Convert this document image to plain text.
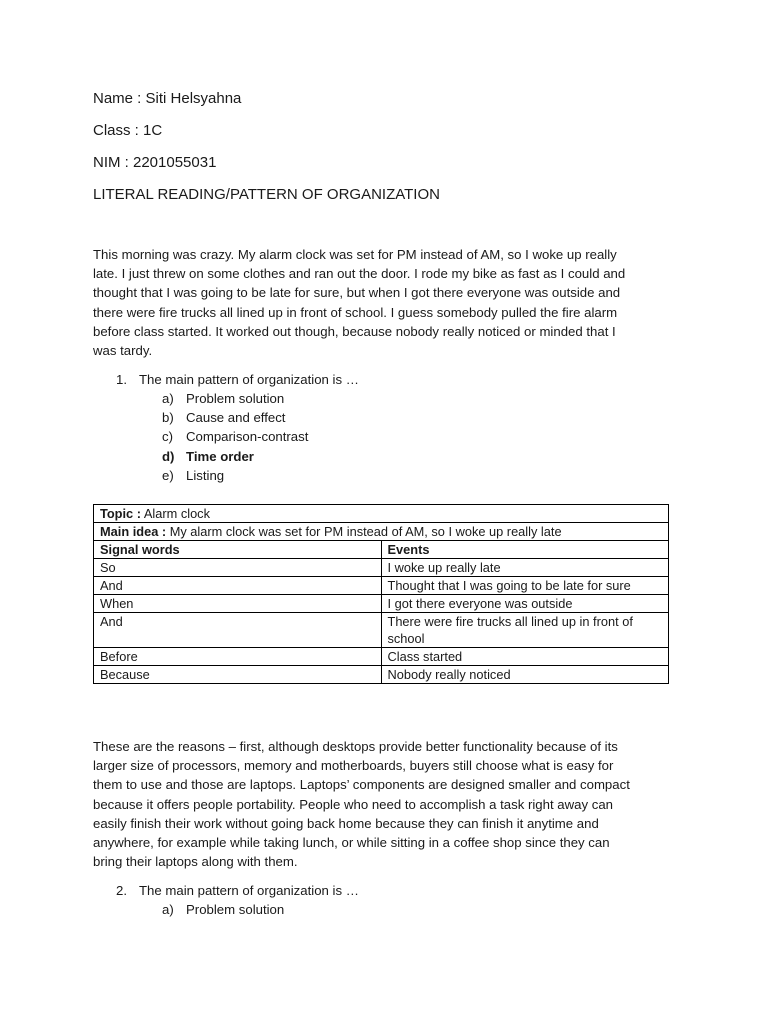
Name : Siti Helsyahna
Class : 1C
NIM : 2201055031
LITERAL READING/PATTERN OF ORGANIZATION
This morning was crazy. My alarm clock was set for PM instead of AM, so I woke up really
late. I just threw on some clothes and ran out the door. I rode my bike as fast as I could and
thought that I was going to be late for sure, but when I got there everyone was outside and
there were fire trucks all lined up in front of school. I guess somebody pulled the fire alarm
before class started. It worked out though, because nobody really noticed or minded that I
was tardy.
1. The main pattern of organization is …
a) Problem solution
b) Cause and effect
c) Comparison-contrast
d) Time order
e) Listing
Topic : Alarm clock	
Main idea : My alarm clock was set for PM instead of AM, so I woke up really late	
Signal words	Events
So	I woke up really late
And	Thought that I was going to be late for sure
When	I got there everyone was outside
And	There were fire trucks all lined up in front of school
Before	Class started
Because	Nobody really noticed
These are the reasons – first, although desktops provide better functionality because of its
larger size of processors, memory and motherboards, buyers still choose what is easy for
them to use and those are laptops. Laptops’ components are designed smaller and compact
because it offers people portability. People who need to accomplish a task right away can
easily finish their work without going back home because they can finish it anytime and
anywhere, for example while taking lunch, or while sitting in a coffee shop since they can
bring their laptops along with them.
2. The main pattern of organization is …
a) Problem solution
